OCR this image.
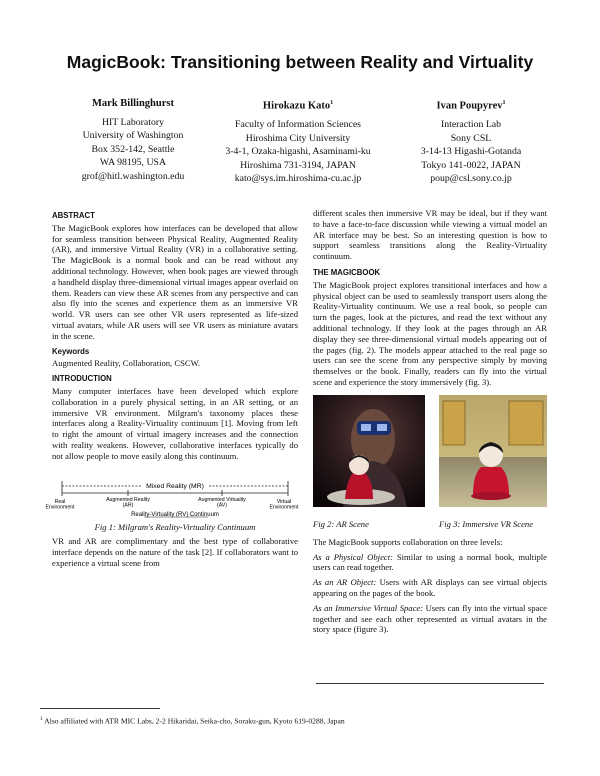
MagicBook: Transitioning between Reality and Virtuality
Mark Billinghurst
HIT Laboratory
University of Washington
Box 352-142, Seattle
WA 98195, USA
grof@hitl.washington.edu
Hirokazu Kato$^1$
Faculty of Information Sciences
Hiroshima City University
3-4-1, Ozaka-higashi, Asaminami-ku
Hiroshima 731-3194, JAPAN
kato@sys.im.hiroshima-cu.ac.jp
Ivan Poupyrev$^1$
Interaction Lab
Sony CSL
3-14-13 Higashi-Gotanda
Tokyo 141-0022, JAPAN
poup@csl.sony.co.jp
ABSTRACT

The MagicBook explores how interfaces can be developed that allow for seamless transition between Physical Reality, Augmented Reality (AR), and immersive Virtual Reality (VR) in a collaborative setting. The MagicBook is a normal book and can be read without any additional technology. However, when book pages are viewed through a handheld display three-dimensional virtual images appear overlaid on them. Readers can view these AR scenes from any perspective and can also fly into the scenes and experience them as an immersive VR world. VR users can see other VR users represented as life-sized virtual avatars, while AR users will see VR users as miniature avatars in the scene.

Keywords

Augmented Reality, Collaboration, CSCW.

INTRODUCTION

Many computer interfaces have been developed which explore collaboration in a purely physical setting, in an AR setting, or an immersive VR environment. Milgram's taxonomy places these interfaces along a Reality-Virtuality continuum [1]. Moving from left to right the amount of virtual imagery increases and the connection with reality weakens. However, collaborative interfaces typically do not allow people to move easily along this continuum.

Mixed Reality (MR)
Real Environment
Augmented Reality (AR)
Augmented Virtuality (AV)
Virtual Environment
Reality-Virtuality (RV) Continuum
Fig 1: Milgram's Reality-Virtuality Continuum

VR and AR are complimentary and the best type of collaborative interface depends on the nature of the task [2]. If collaborators want to experience a virtual scene from

different scales then immersive VR may be ideal, but if they want to have a face-to-face discussion while viewing a virtual model an AR interface may be best. So an interesting question is how to support seamless transitions along the Reality-Virtuality continuum.

THE MAGICBOOK

The MagicBook project explores transitional interfaces and how a physical object can be used to seamlessly transport users along the Reality-Virtuality continuum. We use a real book, so people can turn the pages, look at the pictures, and read the text without any additional technology. If they look at the pages through an AR display they see three-dimensional virtual models appearing out of the pages (fig. 2). The models appear attached to the real page so users can see the scene from any perspective simply by moving themselves or the book. Finally, readers can fly into the virtual scene and experience the story immersively (fig. 3).

Fig 2: AR Scene	Fig 3: Immersive VR Scene

The MagicBook supports collaboration on three levels:

As a Physical Object: Similar to using a normal book, multiple users can read together.

As an AR Object: Users with AR displays can see virtual objects appearing on the pages of the book.

As an Immersive Virtual Space: Users can fly into the virtual space together and see each other represented as virtual avatars in the story space (figure 3).

$^1$ Also affiliated with ATR MIC Labs, 2-2 Hikaridai, Seika-cho, Soraku-gun, Kyoto 619-0288, Japan
